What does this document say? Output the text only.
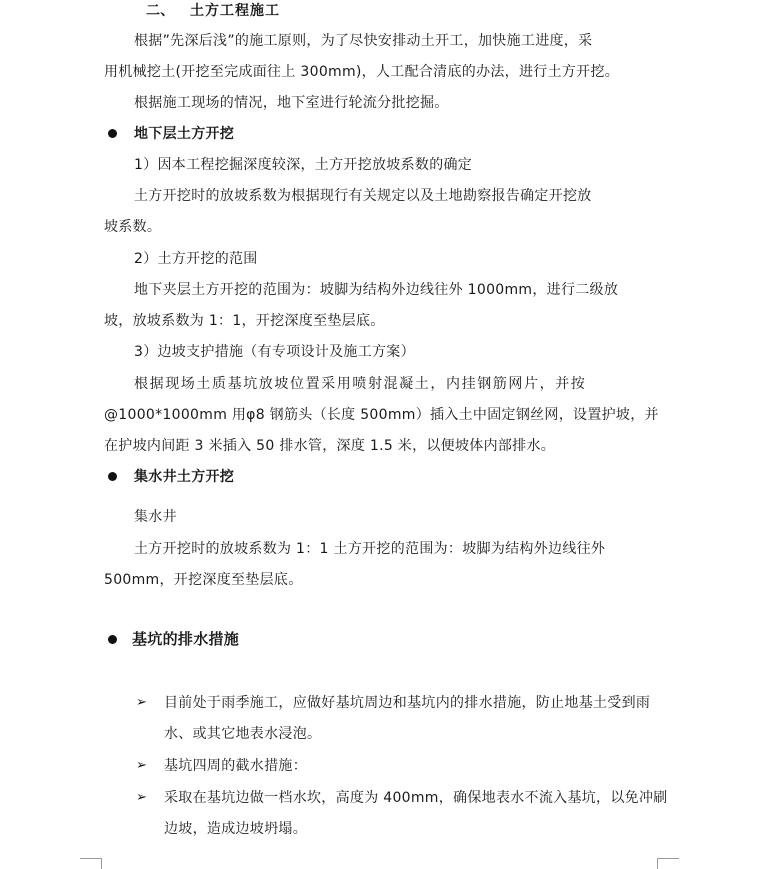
二、 土方工程施工
根据”先深后浅”的施工原则，为了尽快安排动土开工，加快施工进度，采
用机械挖土(开挖至完成面往上 300mm)，人工配合清底的办法，进行土方开挖。
根据施工现场的情况，地下室进行轮流分批挖掘。
地下层土方开挖
1）因本工程挖掘深度较深，土方开挖放坡系数的确定
土方开挖时的放坡系数为根据现行有关规定以及土地勘察报告确定开挖放
坡系数。
2）土方开挖的范围
地下夹层土方开挖的范围为：坡脚为结构外边线往外 1000mm，进行二级放
坡，放坡系数为 1：1，开挖深度至垫层底。
3）边坡支护措施（有专项设计及施工方案）
根据现场土质基坑放坡位置采用喷射混凝土，内挂钢筋网片，并按
@1000*1000mm 用φ8 钢筋头（长度 500mm）插入土中固定钢丝网，设置护坡，并
在护坡内间距 3 米插入 50 排水管，深度 1.5 米，以便坡体内部排水。
集水井土方开挖
集水井
土方开挖时的放坡系数为 1：1 土方开挖的范围为：坡脚为结构外边线往外
500mm，开挖深度至垫层底。
基坑的排水措施
➢ 目前处于雨季施工，应做好基坑周边和基坑内的排水措施，防止地基土受到雨
水、或其它地表水浸泡。
➢ 基坑四周的截水措施：
➢ 采取在基坑边做一档水坎，高度为 400mm，确保地表水不流入基坑，以免冲刷
边坡，造成边坡坍塌。
